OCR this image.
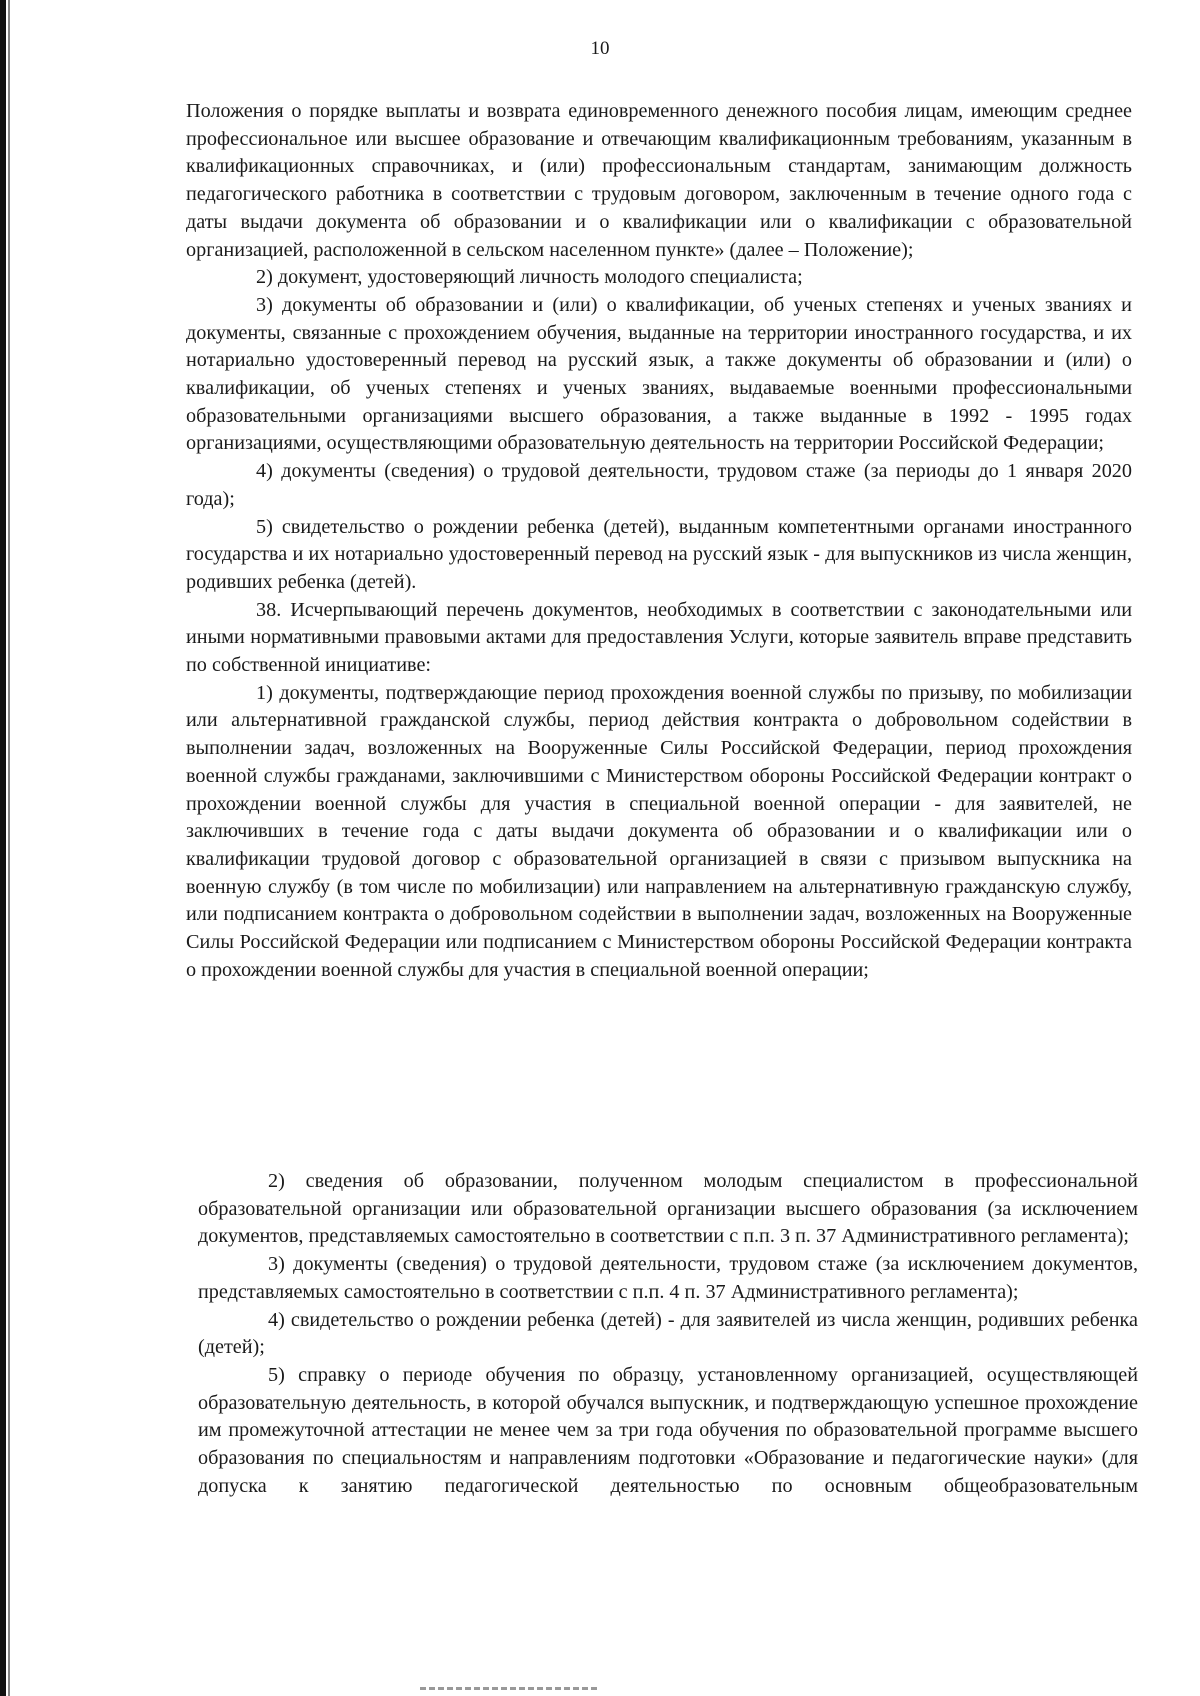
10

Положения о порядке выплаты и возврата единовременного денежного пособия лицам, имеющим среднее профессиональное или высшее образование и отвечающим квалификационным требованиям, указанным в квалификационных справочниках, и (или) профессиональным стандартам, занимающим должность педагогического работника в соответствии с трудовым договором, заключенным в течение одного года с даты выдачи документа об образовании и о квалификации или о квалификации с образовательной организацией, расположенной в сельском населенном пункте» (далее – Положение);

2) документ, удостоверяющий личность молодого специалиста;

3) документы об образовании и (или) о квалификации, об ученых степенях и ученых званиях и документы, связанные с прохождением обучения, выданные на территории иностранного государства, и их нотариально удостоверенный перевод на русский язык, а также документы об образовании и (или) о квалификации, об ученых степенях и ученых званиях, выдаваемые военными профессиональными образовательными организациями высшего образования, а также выданные в 1992 - 1995 годах организациями, осуществляющими образовательную деятельность на территории Российской Федерации;

4) документы (сведения) о трудовой деятельности, трудовом стаже (за периоды до 1 января 2020 года);

5) свидетельство о рождении ребенка (детей), выданным компетентными органами иностранного государства и их нотариально удостоверенный перевод на русский язык - для выпускников из числа женщин, родивших ребенка (детей).

38. Исчерпывающий перечень документов, необходимых в соответствии с законодательными или иными нормативными правовыми актами для предоставления Услуги, которые заявитель вправе представить по собственной инициативе:

1) документы, подтверждающие период прохождения военной службы по призыву, по мобилизации или альтернативной гражданской службы, период действия контракта о добровольном содействии в выполнении задач, возложенных на Вооруженные Силы Российской Федерации, период прохождения военной службы гражданами, заключившими с Министерством обороны Российской Федерации контракт о прохождении военной службы для участия в специальной военной операции - для заявителей, не заключивших в течение года с даты выдачи документа об образовании и о квалификации или о квалификации трудовой договор с образовательной организацией в связи с призывом выпускника на военную службу (в том числе по мобилизации) или направлением на альтернативную гражданскую службу, или подписанием контракта о добровольном содействии в выполнении задач, возложенных на Вооруженные Силы Российской Федерации или подписанием с Министерством обороны Российской Федерации контракта о прохождении военной службы для участия в специальной военной операции;

2) сведения об образовании, полученном молодым специалистом в профессиональной образовательной организации или образовательной организации высшего образования (за исключением документов, представляемых самостоятельно в соответствии с п.п. 3 п. 37 Административного регламента);

3) документы (сведения) о трудовой деятельности, трудовом стаже (за исключением документов, представляемых самостоятельно в соответствии с п.п. 4 п. 37 Административного регламента);

4) свидетельство о рождении ребенка (детей) - для заявителей из числа женщин, родивших ребенка (детей);

5) справку о периоде обучения по образцу, установленному организацией, осуществляющей образовательную деятельность, в которой обучался выпускник, и подтверждающую успешное прохождение им промежуточной аттестации не менее чем за три года обучения по образовательной программе высшего образования по специальностям и направлениям подготовки «Образование и педагогические науки» (для допуска к занятию педагогической деятельностью по основным общеобразовательным
